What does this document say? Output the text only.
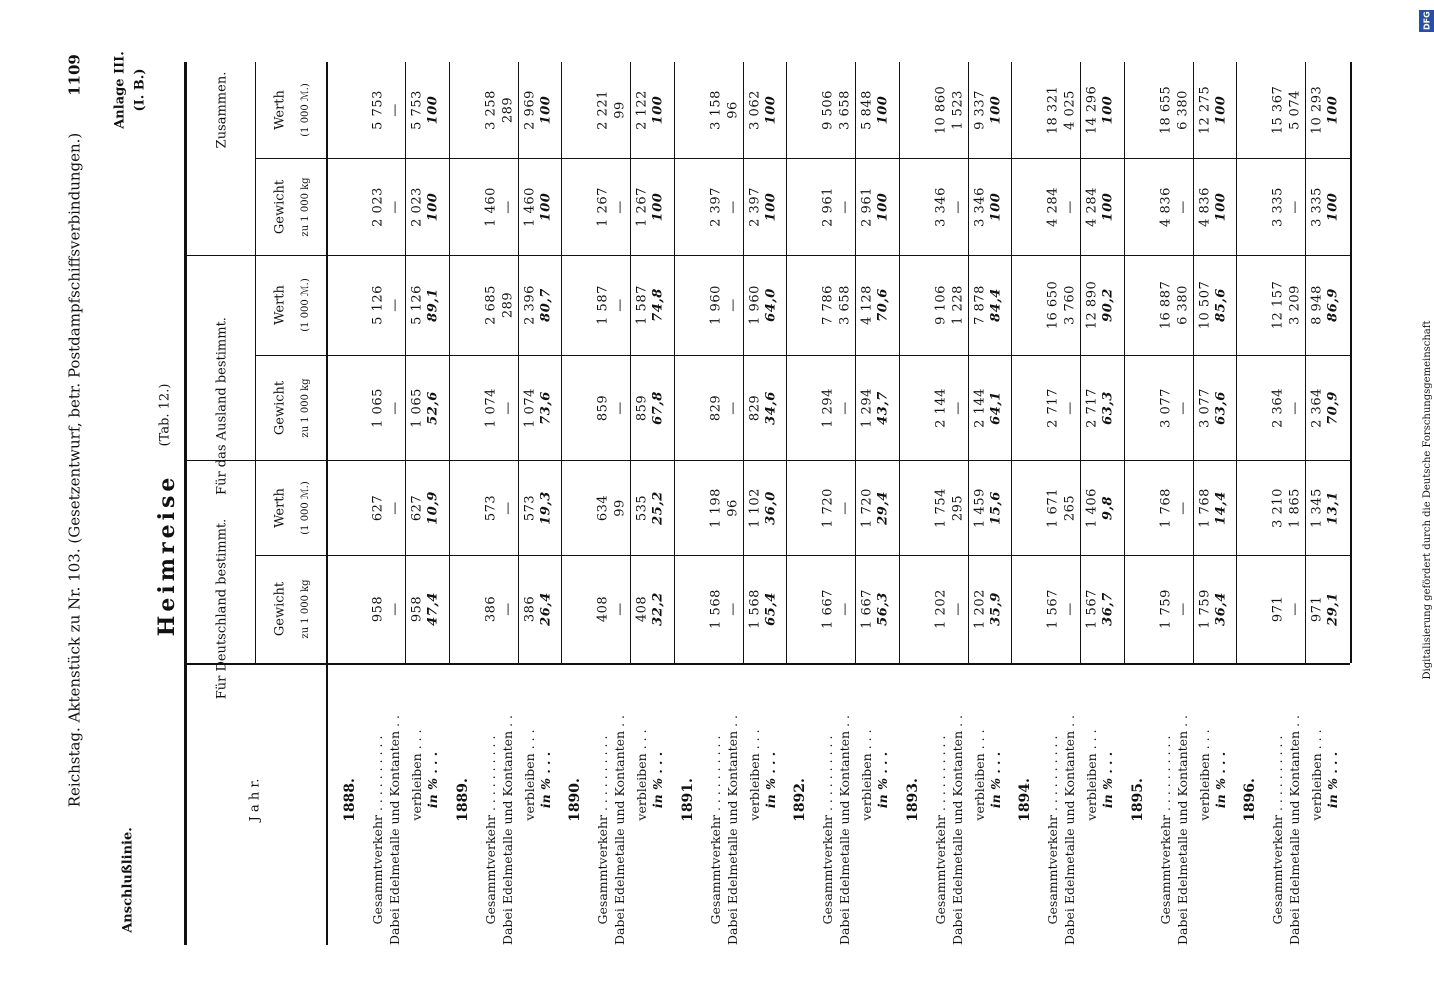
Reichstag. Aktenstück zu Nr. 103. (Gesetzentwurf, betr. Postdampfschiffsverbindungen.)
1109
Anschlußlinie.
Anlage III. (I. B.)
Heimreise
(Tab. 12.)	Digitalisierung gefördert durch die Deutsche Forschungsgemeinschaft
DFG
Für Deutschland bestimmt.
Für das Ausland bestimmt.
Zusammen.
J a h r.
Gewicht zu 1 000 kg
Werth (1 000 ℳ.)
Gewicht zu 1 000 kg
Werth (1 000 ℳ.)
Gewicht zu 1 000 kg
Werth (1 000 ℳ.)
1888. Gesammtverkehr . . . . . . . . . .
958
627
1 065
5 126
2 023
5 753
Dabei Edelmetalle und Kontanten . .
—
—
—
—
—
—
verbleiben . . .
958
627
1 065
5 126
2 023
5 753
in % . . .
47,4
10,9
52,6
89,1
100
100
1889. Gesammtverkehr . . . . . . . . . .
386
573
1 074
2 685
1 460
3 258
Dabei Edelmetalle und Kontanten . .
—
—
—
289
—
289
verbleiben . . .
386
573
1 074
2 396
1 460
2 969
in % . . .
26,4
19,3
73,6
80,7
100
100
1890. Gesammtverkehr . . . . . . . . . .
408
634
859
1 587
1 267
2 221
Dabei Edelmetalle und Kontanten . .
—
99
—
—
—
99
verbleiben . . .
408
535
859
1 587
1 267
2 122
in % . . .
32,2
25,2
67,8
74,8
100
100
1891. Gesammtverkehr . . . . . . . . . .
1 568
1 198
829
1 960
2 397
3 158
Dabei Edelmetalle und Kontanten . .
—
96
—
—
—
96
verbleiben . . .
1 568
1 102
829
1 960
2 397
3 062
in % . . .
65,4
36,0
34,6
64,0
100
100
1892. Gesammtverkehr . . . . . . . . . .
1 667
1 720
1 294
7 786
2 961
9 506
Dabei Edelmetalle und Kontanten . .
—
—
—
3 658
—
3 658
verbleiben . . .
1 667
1 720
1 294
4 128
2 961
5 848
in % . . .
56,3
29,4
43,7
70,6
100
100
1893. Gesammtverkehr . . . . . . . . . .
1 202
1 754
2 144
9 106
3 346
10 860
Dabei Edelmetalle und Kontanten . .
—
295
—
1 228
—
1 523
verbleiben . . .
1 202
1 459
2 144
7 878
3 346
9 337
in % . . .
35,9
15,6
64,1
84,4
100
100
1894. Gesammtverkehr . . . . . . . . . .
1 567
1 671
2 717
16 650
4 284
18 321
Dabei Edelmetalle und Kontanten . .
—
265
—
3 760
—
4 025
verbleiben . . .
1 567
1 406
2 717
12 890
4 284
14 296
in % . . .
36,7
9,8
63,3
90,2
100
100
1895. Gesammtverkehr . . . . . . . . . .
1 759
1 768
3 077
16 887
4 836
18 655
Dabei Edelmetalle und Kontanten . .
—
—
—
6 380
—
6 380
verbleiben . . .
1 759
1 768
3 077
10 507
4 836
12 275
in % . . .
36,4
14,4
63,6
85,6
100
100
1896. Gesammtverkehr . . . . . . . . . .
971
3 210
2 364
12 157
3 335
15 367
Dabei Edelmetalle und Kontanten . .
—
1 865
—
3 209
—
5 074
verbleiben . . .
971
1 345
2 364
8 948
3 335
10 293
in % . . .
29,1
13,1
70,9
86,9
100
100
